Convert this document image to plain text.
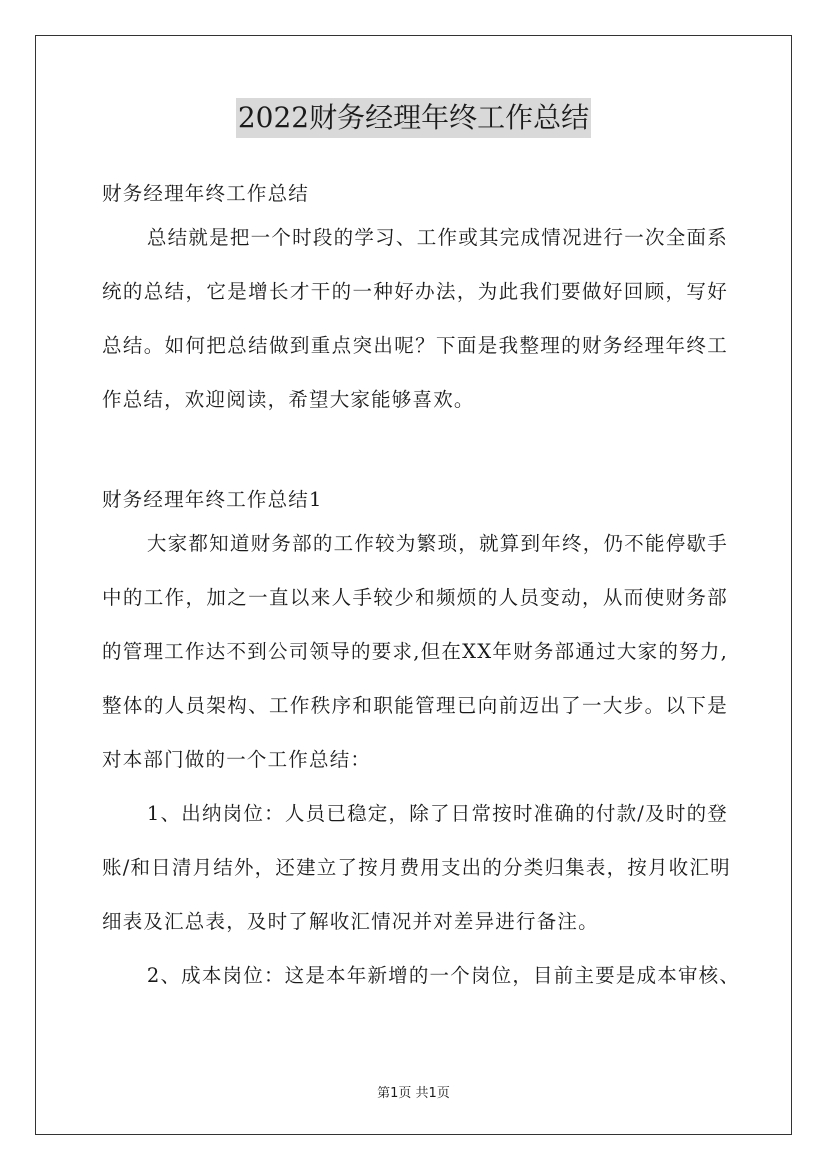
2022财务经理年终工作总结
财务经理年终工作总结
总结就是把一个时段的学习、工作或其完成情况进行一次全面系
统的总结，它是增长才干的一种好办法，为此我们要做好回顾，写好
总结。如何把总结做到重点突出呢？下面是我整理的财务经理年终工
作总结，欢迎阅读，希望大家能够喜欢。
财务经理年终工作总结1
大家都知道财务部的工作较为繁琐，就算到年终，仍不能停歇手
中的工作，加之一直以来人手较少和频烦的人员变动，从而使财务部
的管理工作达不到公司领导的要求,但在XX年财务部通过大家的努力,
整体的人员架构、工作秩序和职能管理已向前迈出了一大步。以下是
对本部门做的一个工作总结：
1、出纳岗位：人员已稳定，除了日常按时准确的付款/及时的登
账/和日清月结外，还建立了按月费用支出的分类归集表，按月收汇明
细表及汇总表，及时了解收汇情况并对差异进行备注。
2、成本岗位：这是本年新增的一个岗位，目前主要是成本审核、
第1页 共1页
